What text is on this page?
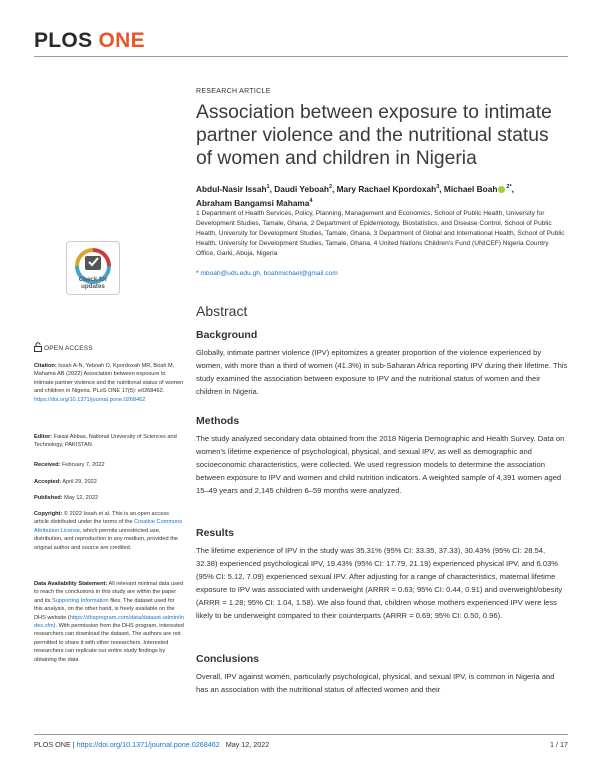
PLOS ONE
RESEARCH ARTICLE
Association between exposure to intimate partner violence and the nutritional status of women and children in Nigeria
Abdul-Nasir Issah$^1$, Daudi Yeboah$^2$, Mary Rachael Kpordoxah$^3$, Michael Boah $^{2*}$,
Abraham Bangamsi Mahama$^4$
1 Department of Health Services, Policy, Planning, Management and Economics, School of Public Health, University for Development Studies, Tamale, Ghana, 2 Department of Epidemiology, Biostatistics, and Disease Control, School of Public Health, University for Development Studies, Tamale, Ghana, 3 Department of Global and International Health, School of Public Health, University for Development Studies, Tamale, Ghana, 4 United Nations Children's Fund (UNICEF) Nigeria Country Office, Garki, Abuja, Nigeria
* mboah@uds.edu.gh, boahmichael@gmail.com
Abstract
Background

Globally, intimate partner violence (IPV) epitomizes a greater proportion of the violence experienced by women, with more than a third of women (41.3%) in sub-Saharan Africa reporting IPV during their lifetime. This study examined the association between exposure to IPV and the nutritional status of women and their children in Nigeria.

Methods

The study analyzed secondary data obtained from the 2018 Nigeria Demographic and Health Survey. Data on women's lifetime experience of psychological, physical, and sexual IPV, as well as demographic and socioeconomic characteristics, were collected. We used regression models to determine the association between exposure to IPV and women and child nutrition indicators. A weighted sample of 4,391 women aged 15–49 years and 2,145 children 6–59 months were analyzed.

Results

The lifetime experience of IPV in the study was 35.31% (95% CI: 33.35, 37.33), 30.43% (95% CI: 28.54, 32.38) experienced psychological IPV, 19.43% (95% CI: 17.79, 21.19) experienced physical IPV, and 6.03% (95% CI: 5.12, 7.09) experienced sexual IPV. After adjusting for a range of characteristics, maternal lifetime exposure to IPV was associated with underweight (ARRR = 0.63; 95% CI: 0.44, 0.91) and overweight/obesity (ARRR = 1.28; 95% CI: 1.04, 1.58). We also found that, children whose mothers experienced IPV were less likely to be underweight compared to their counterparts (ARRR = 0.69; 95% CI: 0.50, 0.96).

Conclusions

Overall, IPV against women, particularly psychological, physical, and sexual IPV, is common in Nigeria and has an association with the nutritional status of affected women and their

Check for updates
OPEN ACCESS
Citation: Issah A-N, Yeboah D, Kpordoxah MR, Boah M, Mahama AB (2022) Association between exposure to intimate partner violence and the nutritional status of women and children in Nigeria. PLoS ONE 17(5): e0268462. https://doi.org/10.1371/journal.pone.0268462
Editor: Faisal Abbas, National University of Sciences and Technology, PAKISTAN
Received: February 7, 2022
Accepted: April 29, 2022
Published: May 12, 2022
Copyright: © 2022 Issah et al. This is an open access article distributed under the terms of the Creative Commons Attribution License, which permits unrestricted use, distribution, and reproduction in any medium, provided the original author and source are credited.
Data Availability Statement: All relevant minimal data used to reach the conclusions in this study are within the paper and its Supporting Information files. The dataset used for this analysis, on the other hand, is freely available on the DHS website (https://dhsprogram.com/data/dataset-admin/index.cfm). With permission from the DHS program, interested researchers can download the dataset. The authors are not permitted to share it with other researchers. Interested researchers can replicate our entire study findings by obtaining the data
PLOS ONE | https://doi.org/10.1371/journal.pone.0268462 May 12, 2022	1 / 17
